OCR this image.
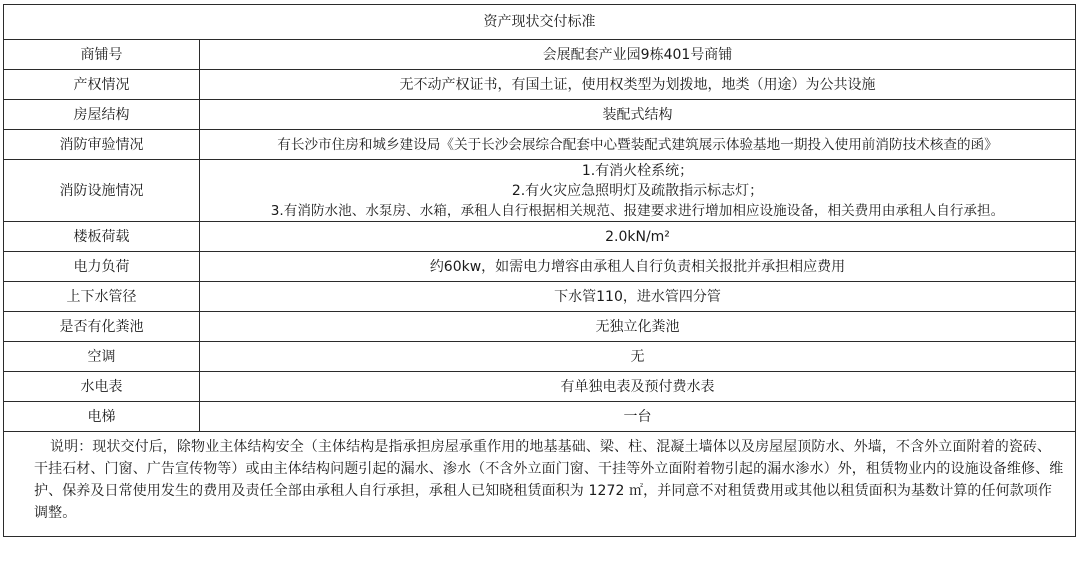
资产现状交付标准	
商铺号	会展配套产业园9栋401号商铺
产权情况	无不动产权证书，有国土证，使用权类型为划拨地，地类（用途）为公共设施
房屋结构	装配式结构
消防审验情况	有长沙市住房和城乡建设局《关于长沙会展综合配套中心暨装配式建筑展示体验基地一期投入使用前消防技术核查的函》
消防设施情况	1.有消火栓系统；
2.有火灾应急照明灯及疏散指示标志灯；
3.有消防水池、水泵房、水箱，承租人自行根据相关规范、报建要求进行增加相应设施设备，相关费用由承租人自行承担。

楼板荷载	2.0kN/m²
电力负荷	约60kw，如需电力增容由承租人自行负责相关报批并承担相应费用
上下水管径	下水管110，进水管四分管
是否有化粪池	无独立化粪池
空调	无
水电表	有单独电表及预付费水表
电梯	一台
说明：现状交付后，除物业主体结构安全（主体结构是指承担房屋承重作用的地基基础、梁、柱、混凝土墙体以及房屋屋顶防水、外墙，不含外立面附着的瓷砖、干挂石材、门窗、广告宣传物等）或由主体结构问题引起的漏水、渗水（不含外立面门窗、干挂等外立面附着物引起的漏水渗水）外，租赁物业内的设施设备维修、维护、保养及日常使用发生的费用及责任全部由承租人自行承担，承租人已知晓租赁面积为 1272 ㎡，并同意不对租赁费用或其他以租赁面积为基数计算的任何款项作调整。	
